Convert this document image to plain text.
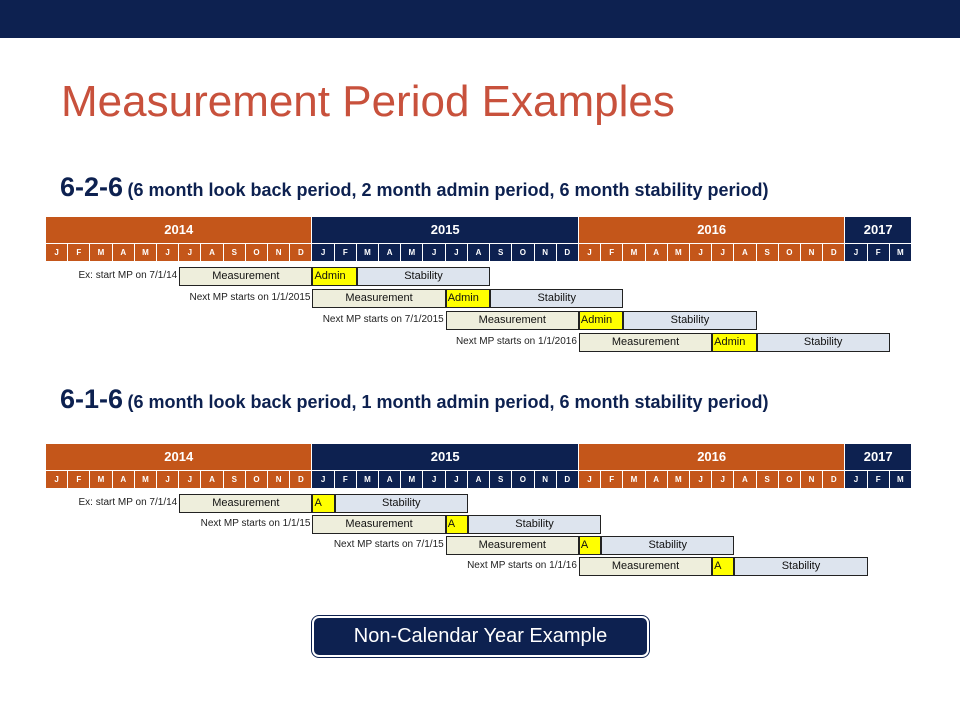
Measurement Period Examples
6-2-6 (6 month look back period, 2 month admin period, 6 month stability period)
2014	2015	2016	2017
J	F	M	A	M	J	J	A	S	O	N	D	J	F	M	A	M	J	J	A	S	O	N	D	J	F	M	A	M	J	J	A	S	O	N	D	J	F	M
Ex: start MP on 7/1/14	Measurement	Admin	Stability
Next MP starts on 1/1/2015	Measurement	Admin	Stability
Next MP starts on 7/1/2015	Measurement	Admin	Stability
Next MP starts on 1/1/2016	Measurement	Admin	Stability
6-1-6 (6 month look back period, 1 month admin period, 6 month stability period)
2014	2015	2016	2017
J	F	M	A	M	J	J	A	S	O	N	D	J	F	M	A	M	J	J	A	S	O	N	D	J	F	M	A	M	J	J	A	S	O	N	D	J	F	M
Ex: start MP on 7/1/14	Measurement	A	Stability
Next MP starts on 1/1/15	Measurement	A	Stability
Next MP starts on 7/1/15	Measurement	A	Stability
Next MP starts on 1/1/16	Measurement	A	Stability
Non-Calendar Year Example
